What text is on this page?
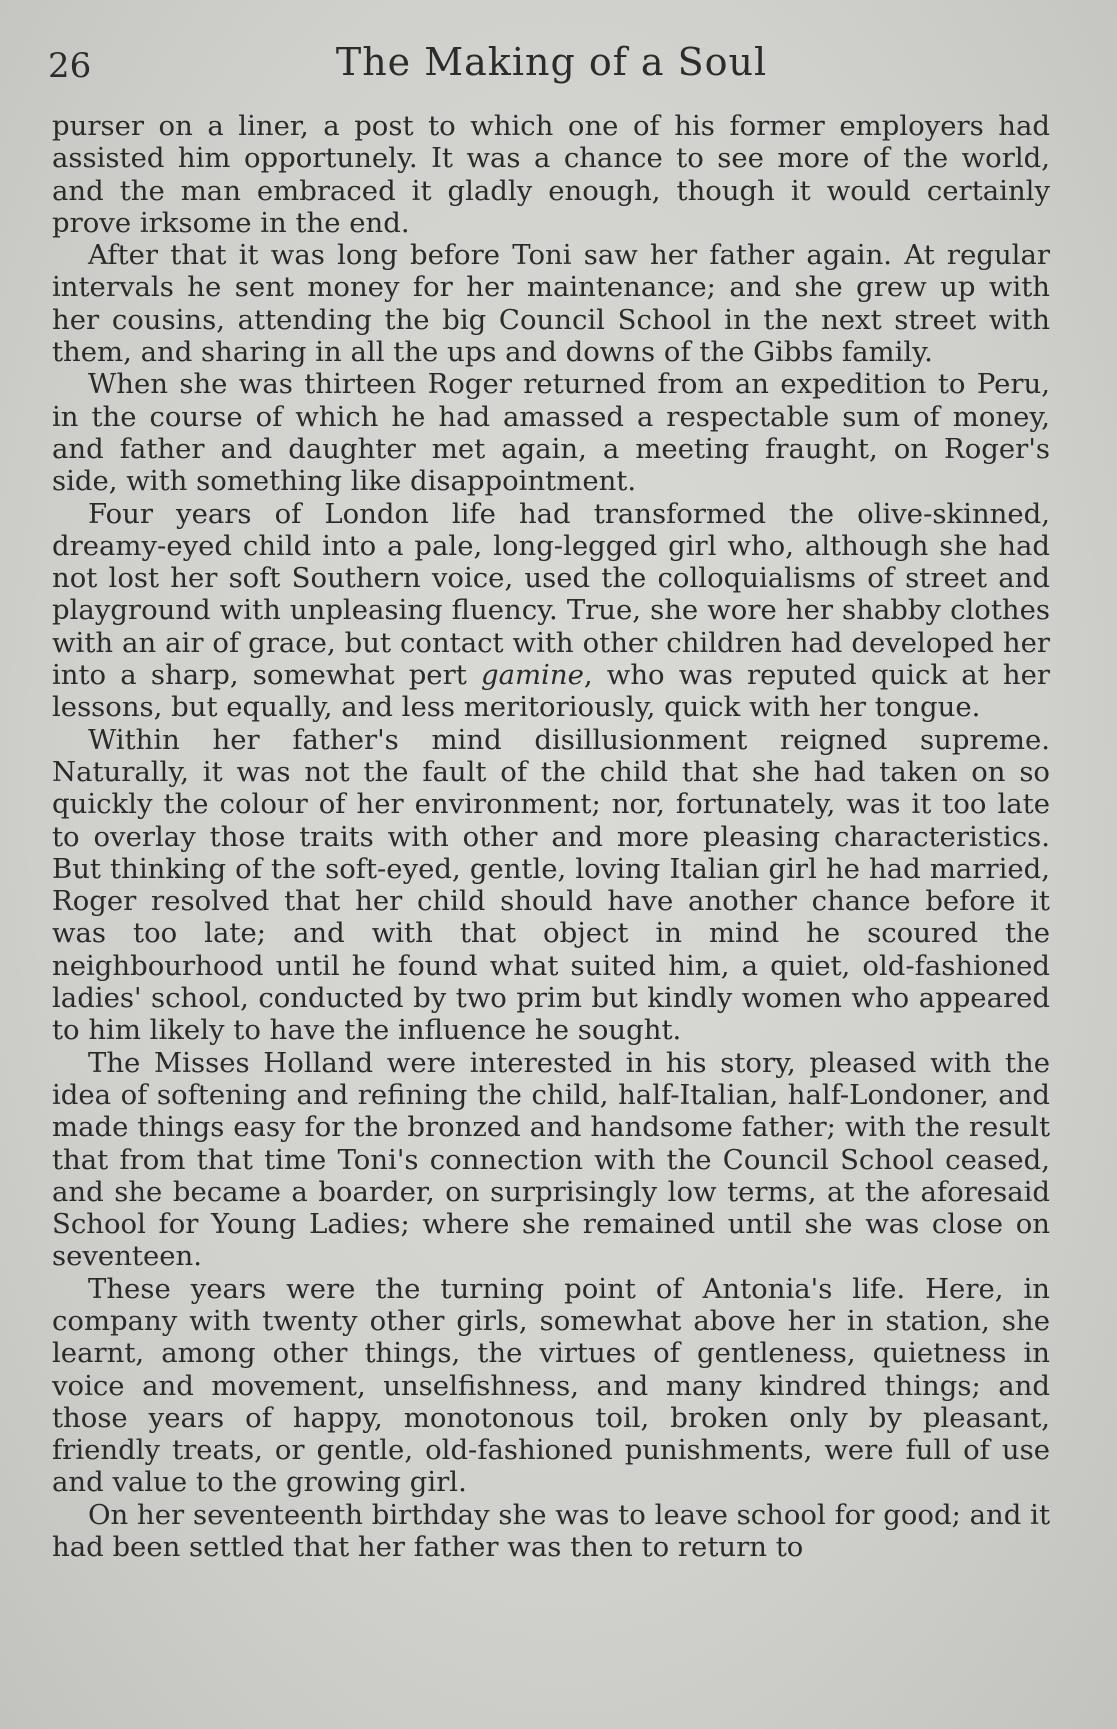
26	The Making of a Soul

purser on a liner, a post to which one of his former employers had assisted him opportunely. It was a chance to see more of the world, and the man embraced it gladly enough, though it would certainly prove irksome in the end.

After that it was long before Toni saw her father again. At regular intervals he sent money for her maintenance; and she grew up with her cousins, attending the big Council School in the next street with them, and sharing in all the ups and downs of the Gibbs family.

When she was thirteen Roger returned from an expedition to Peru, in the course of which he had amassed a respectable sum of money, and father and daughter met again, a meeting fraught, on Roger's side, with something like disappointment.

Four years of London life had transformed the olive-skinned, dreamy-eyed child into a pale, long-legged girl who, although she had not lost her soft Southern voice, used the colloquialisms of street and playground with unpleasing fluency. True, she wore her shabby clothes with an air of grace, but contact with other children had developed her into a sharp, somewhat pert gamine, who was reputed quick at her lessons, but equally, and less meritoriously, quick with her tongue.

Within her father's mind disillusionment reigned supreme. Naturally, it was not the fault of the child that she had taken on so quickly the colour of her environment; nor, fortunately, was it too late to overlay those traits with other and more pleasing characteristics. But thinking of the soft-eyed, gentle, loving Italian girl he had married, Roger resolved that her child should have another chance before it was too late; and with that object in mind he scoured the neighbourhood until he found what suited him, a quiet, old-fashioned ladies' school, conducted by two prim but kindly women who appeared to him likely to have the influence he sought.

The Misses Holland were interested in his story, pleased with the idea of softening and refining the child, half-Italian, half-Londoner, and made things easy for the bronzed and handsome father; with the result that from that time Toni's connection with the Council School ceased, and she became a boarder, on surprisingly low terms, at the aforesaid School for Young Ladies; where she remained until she was close on seventeen.

These years were the turning point of Antonia's life. Here, in company with twenty other girls, somewhat above her in station, she learnt, among other things, the virtues of gentleness, quietness in voice and movement, unselfishness, and many kindred things; and those years of happy, monotonous toil, broken only by pleasant, friendly treats, or gentle, old-fashioned punishments, were full of use and value to the growing girl.

On her seventeenth birthday she was to leave school for good; and it had been settled that her father was then to return to
